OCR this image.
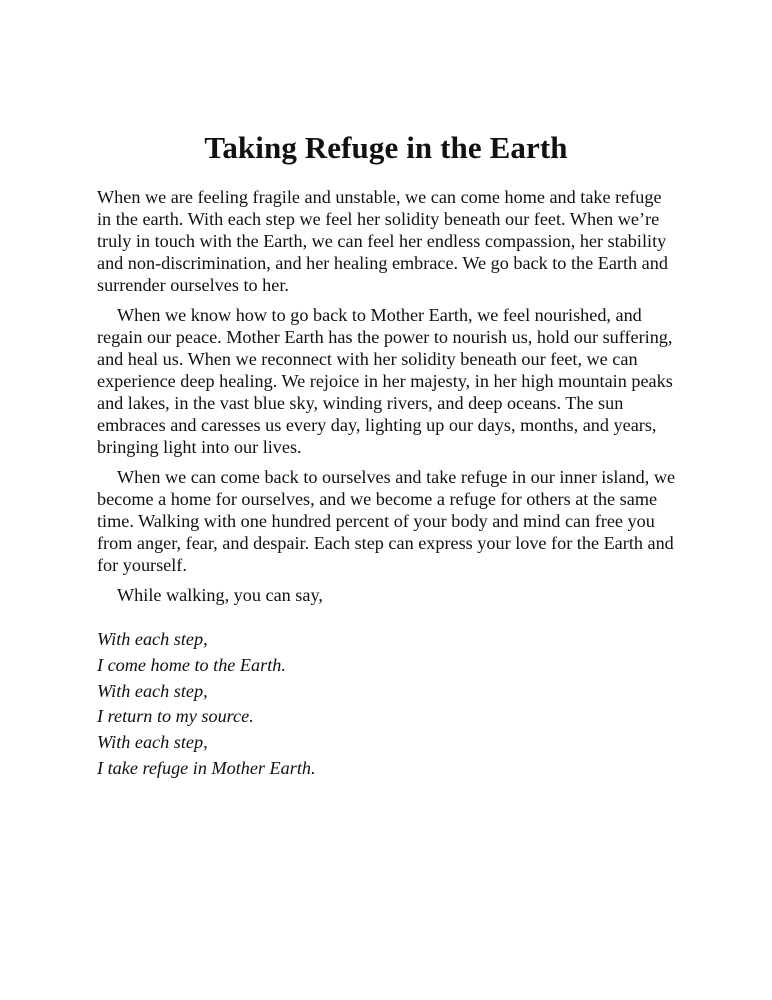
Taking Refuge in the Earth

When we are feeling fragile and unstable, we can come home and take refuge in the earth. With each step we feel her solidity beneath our feet. When we’re truly in touch with the Earth, we can feel her endless compassion, her stability and non-discrimination, and her healing embrace. We go back to the Earth and surrender ourselves to her.

When we know how to go back to Mother Earth, we feel nourished, and regain our peace. Mother Earth has the power to nourish us, hold our suffering, and heal us. When we reconnect with her solidity beneath our feet, we can experience deep healing. We rejoice in her majesty, in her high mountain peaks and lakes, in the vast blue sky, winding rivers, and deep oceans. The sun embraces and caresses us every day, lighting up our days, months, and years, bringing light into our lives.

When we can come back to ourselves and take refuge in our inner island, we become a home for ourselves, and we become a refuge for others at the same time. Walking with one hundred percent of your body and mind can free you from anger, fear, and despair. Each step can express your love for the Earth and for yourself.

While walking, you can say,

With each step,
I come home to the Earth.
With each step,
I return to my source.
With each step,
I take refuge in Mother Earth.
